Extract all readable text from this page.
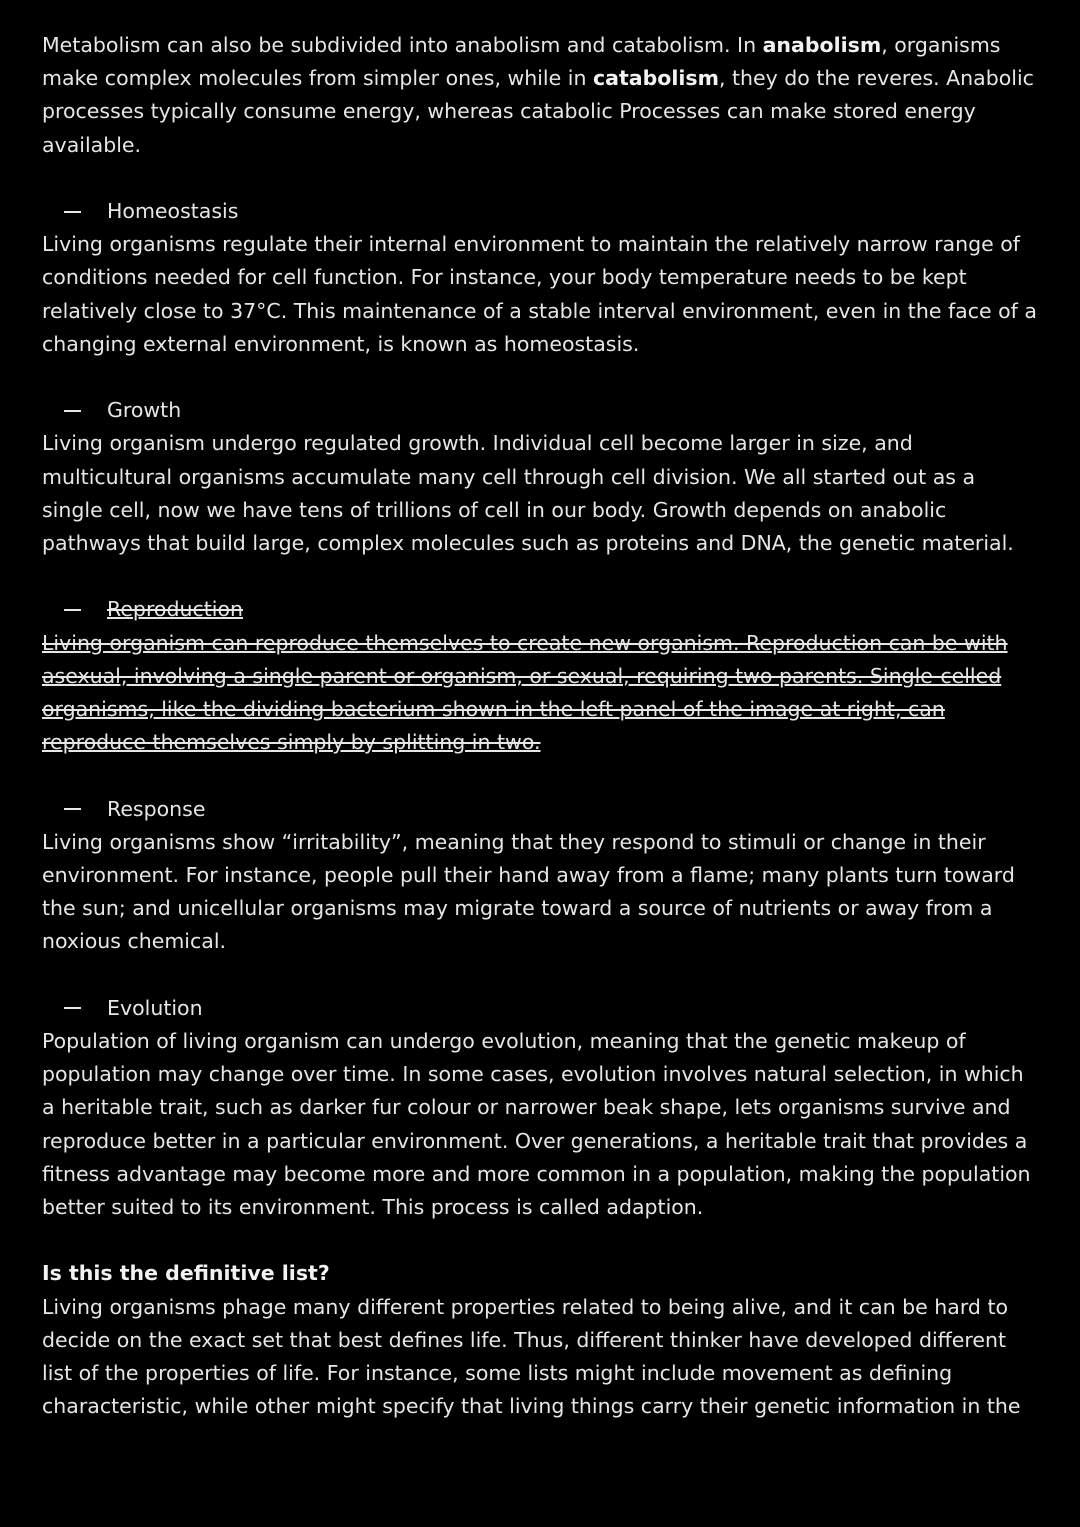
Metabolism can also be subdivided into anabolism and catabolism. In anabolism, organisms make complex molecules from simpler ones, while in catabolism, they do the reveres. Anabolic processes typically consume energy, whereas catabolic Processes can make stored energy available.

Homeostasis

Living organisms regulate their internal environment to maintain the relatively narrow range of conditions needed for cell function. For instance, your body temperature needs to be kept relatively close to 37°C. This maintenance of a stable interval environment, even in the face of a changing external environment, is known as homeostasis.

Growth

Living organism undergo regulated growth. Individual cell become larger in size, and multicultural organisms accumulate many cell through cell division. We all started out as a single cell, now we have tens of trillions of cell in our body. Growth depends on anabolic pathways that build large, complex molecules such as proteins and DNA, the genetic material.

Reproduction

Living organism can reproduce themselves to create new organism. Reproduction can be with asexual, involving a single parent or organism, or sexual, requiring two parents. Single-celled organisms, like the dividing bacterium shown in the left panel of the image at right, can reproduce themselves simply by splitting in two.

Response

Living organisms show “irritability”, meaning that they respond to stimuli or change in their environment. For instance, people pull their hand away from a flame; many plants turn toward the sun; and unicellular organisms may migrate toward a source of nutrients or away from a noxious chemical.

Evolution

Population of living organism can undergo evolution, meaning that the genetic makeup of population may change over time. In some cases, evolution involves natural selection, in which a heritable trait, such as darker fur colour or narrower beak shape, lets organisms survive and reproduce better in a particular environment. Over generations, a heritable trait that provides a fitness advantage may become more and more common in a population, making the population better suited to its environment. This process is called adaption.

Is this the definitive list?

Living organisms phage many different properties related to being alive, and it can be hard to decide on the exact set that best defines life. Thus, different thinker have developed different list of the properties of life. For instance, some lists might include movement as defining characteristic, while other might specify that living things carry their genetic information in the
